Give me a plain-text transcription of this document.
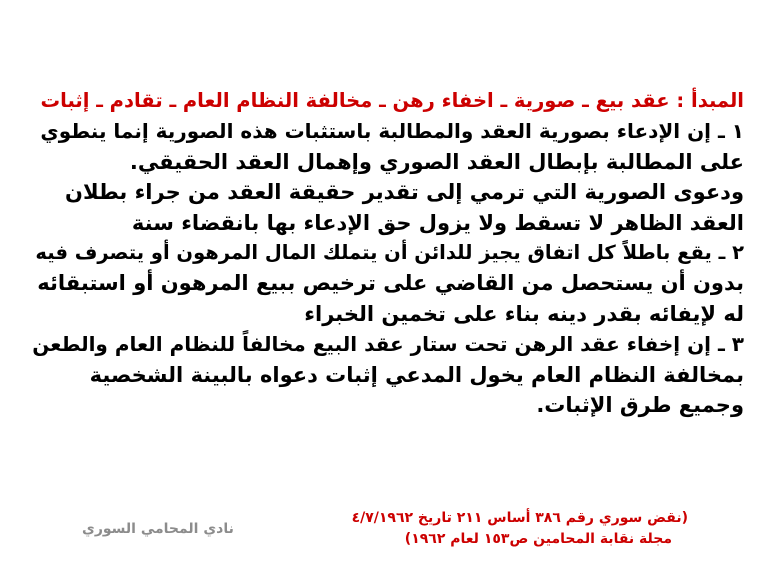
المبدأ : عقد بيع ـ صورية ـ اخفاء رهن ـ مخالفة النظام العام ـ تقادم ـ إثبات
١ ـ إن الإدعاء بصورية العقد والمطالبة باستثبات هذه الصورية إنما ينطوي
على المطالبة بإبطال العقد الصوري وإهمال العقد الحقيقي.
ودعوى الصورية التي ترمي إلى تقدير حقيقة العقد من جراء بطلان
العقد الظاهر لا تسقط ولا يزول حق الإدعاء بها بانقضاء سنة
٢ ـ يقع باطلاً كل اتفاق يجيز للدائن أن يتملك المال المرهون أو يتصرف فيه
بدون أن يستحصل من القاضي على ترخيص ببيع المرهون أو استبقائه
له لإيفائه بقدر دينه بناء على تخمين الخبراء
٣ ـ إن إخفاء عقد الرهن تحت ستار عقد البيع مخالفاً للنظام العام والطعن
بمخالفة النظام العام يخول المدعي إثبات دعواه بالبينة الشخصية
وجميع طرق الإثبات.
(نقض سوري رقم ٣٨٦ أساس ٢١١ تاريخ ٤/٧/١٩٦٢
مجلة نقابة المحامين ص١٥٣ لعام ١٩٦٢)
نادي المحامي السوري
